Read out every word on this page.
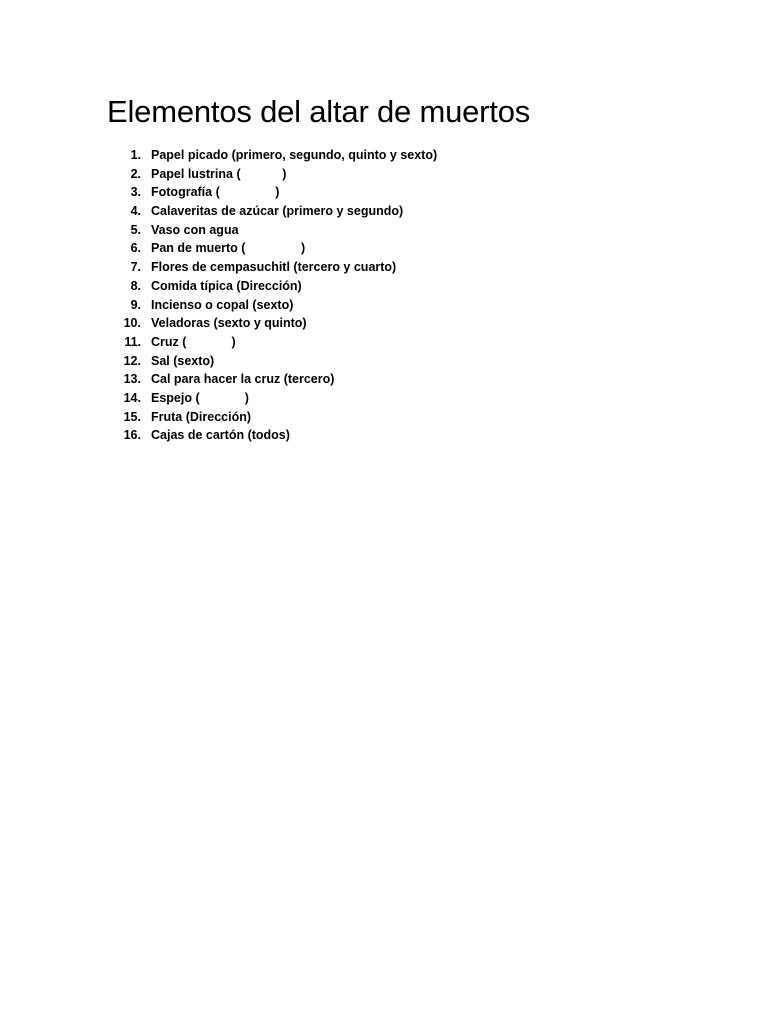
Elementos del altar de muertos
1. Papel picado (primero, segundo, quinto y sexto)
2. Papel lustrina (            )
3. Fotografía (                )
4. Calaveritas de azúcar (primero y segundo)
5. Vaso con agua
6. Pan de muerto (                )
7. Flores de cempasuchitl (tercero y cuarto)
8. Comida típica (Dirección)
9. Incienso o copal (sexto)
10. Veladoras (sexto y quinto)
11. Cruz (             )
12. Sal (sexto)
13. Cal para hacer la cruz (tercero)
14. Espejo (             )
15. Fruta (Dirección)
16. Cajas de cartón (todos)
